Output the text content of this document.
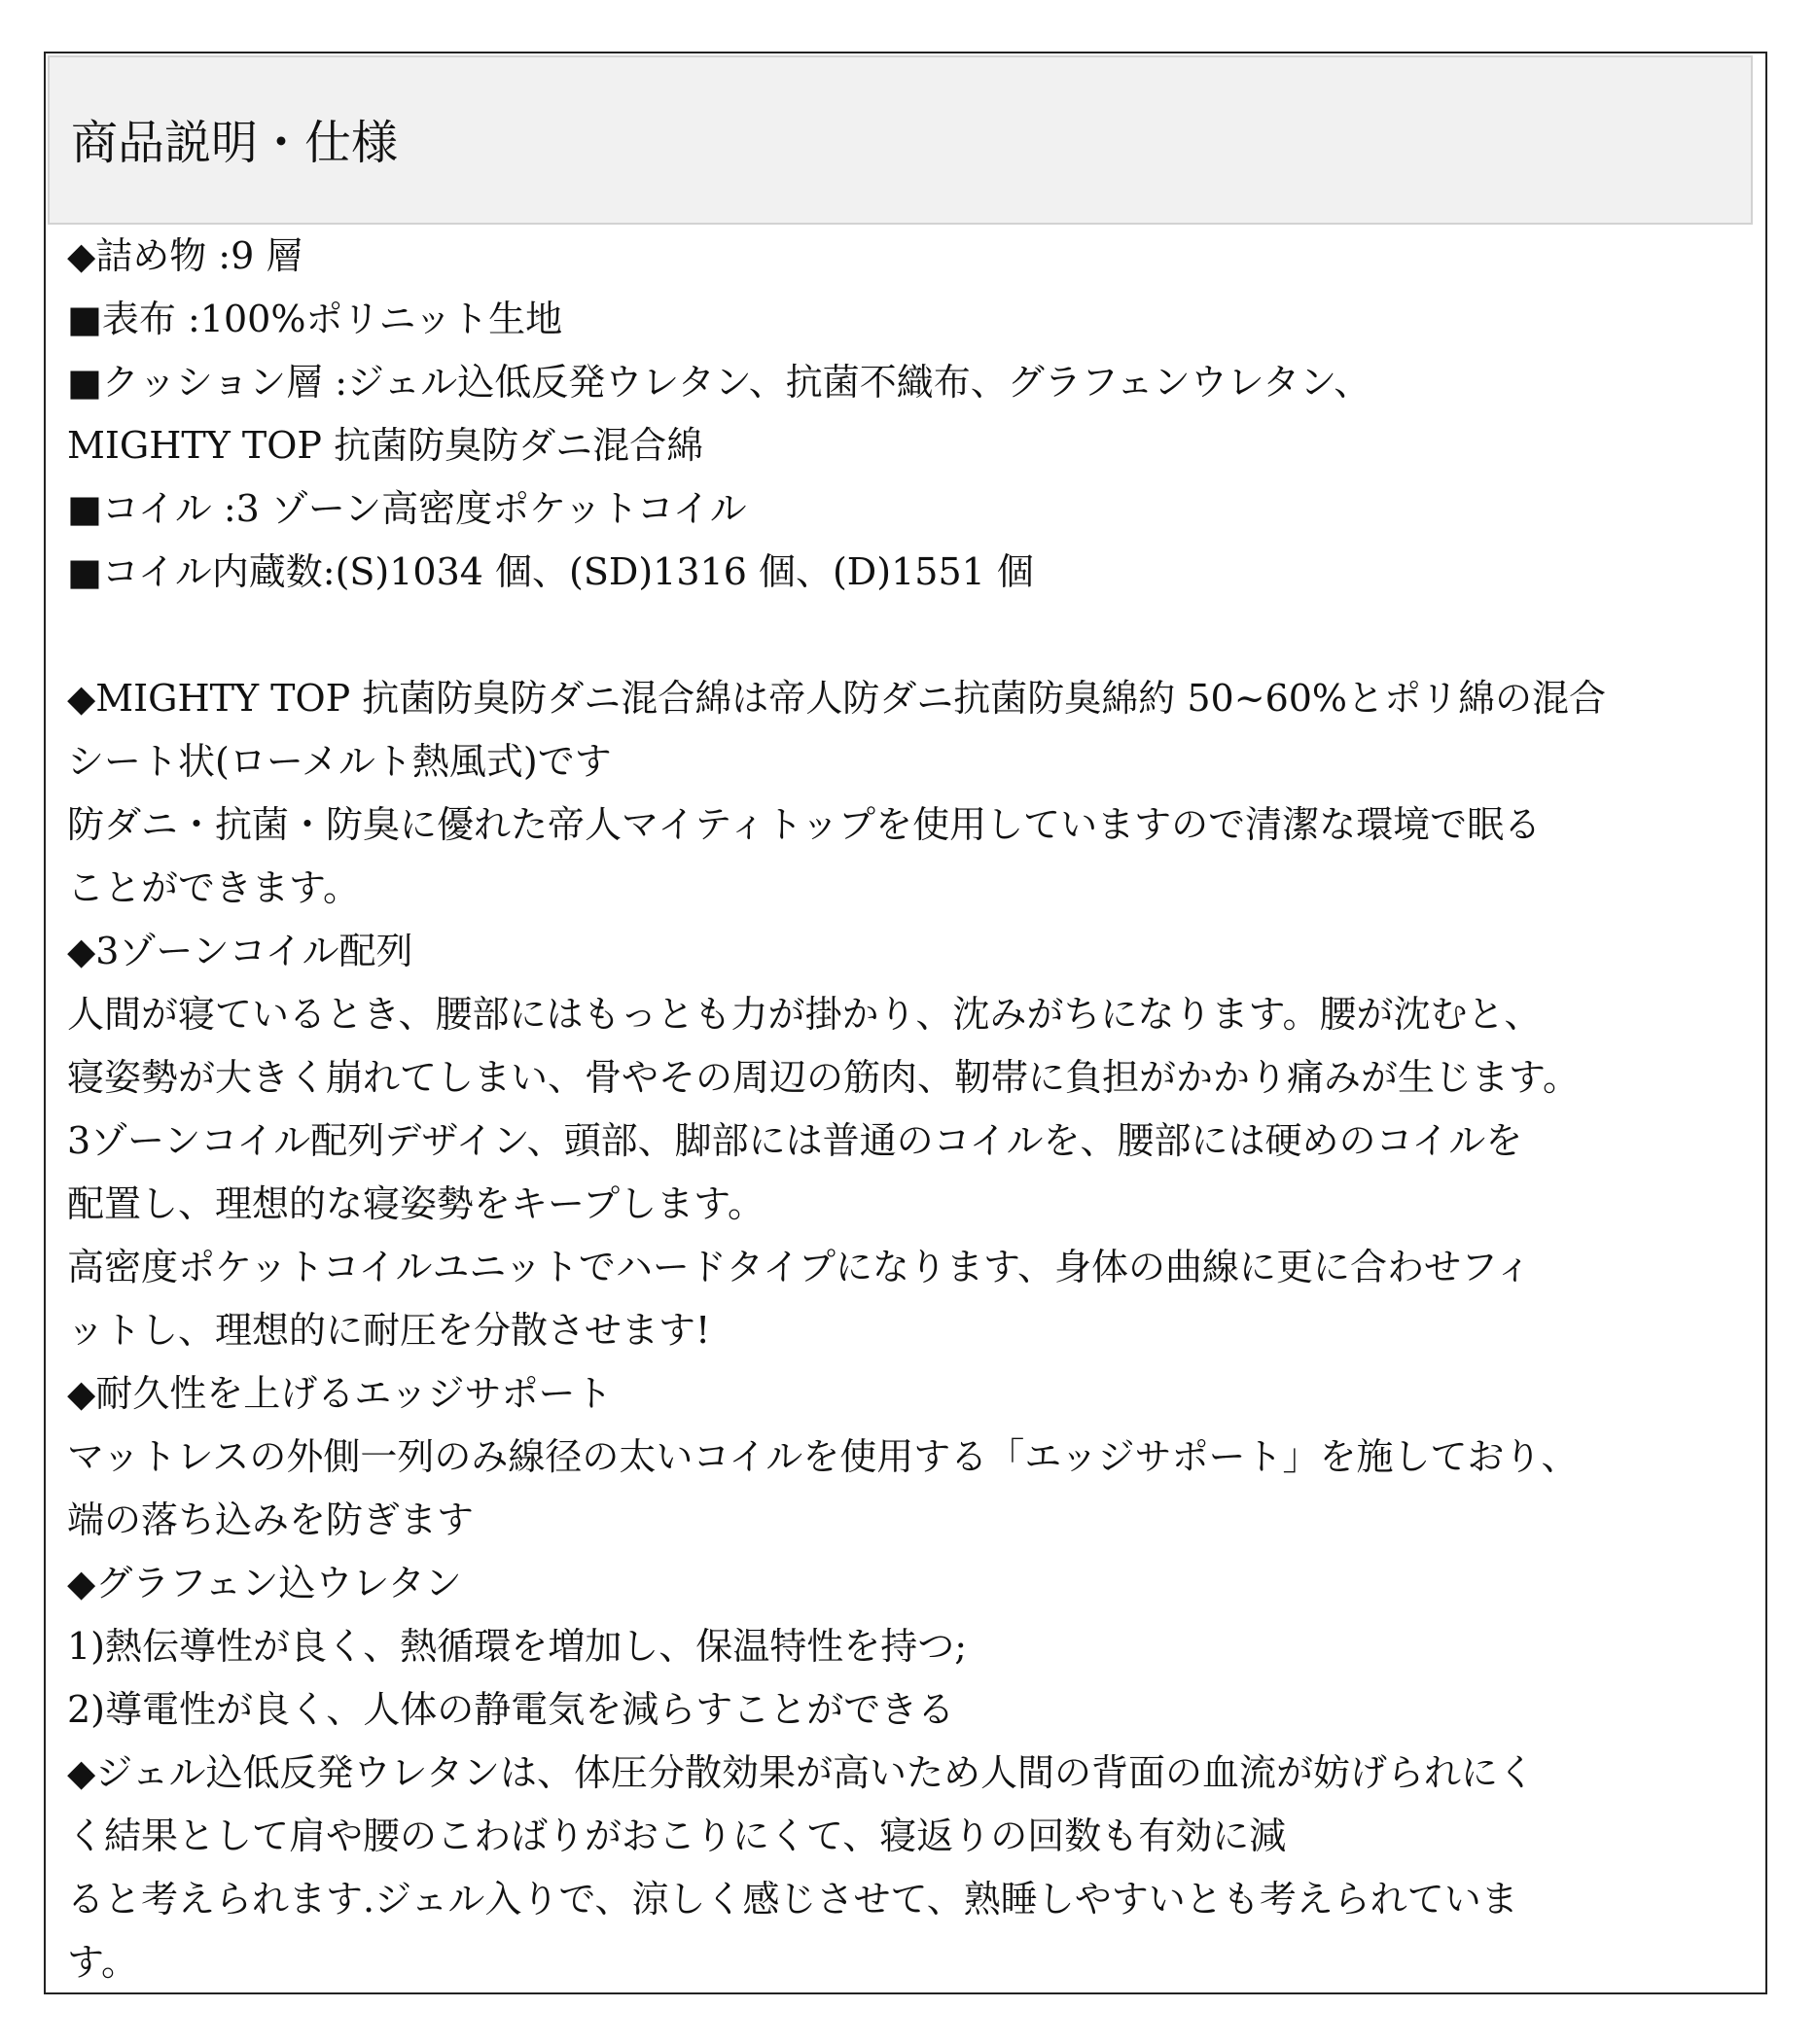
商品説明・仕様
◆詰め物 :9 層
■表布 :100%ポリニット生地
■クッション層 :ジェル込低反発ウレタン、抗菌不織布、グラフェンウレタン、
MIGHTY TOP 抗菌防臭防ダニ混合綿
■コイル :3 ゾーン高密度ポケットコイル
■コイル内蔵数:(S)1034 個、(SD)1316 個、(D)1551 個
◆MIGHTY TOP 抗菌防臭防ダニ混合綿は帝人防ダニ抗菌防臭綿約 50~60%とポリ綿の混合
シート状(ローメルト熱風式)です
防ダニ・抗菌・防臭に優れた帝人マイティトップを使用していますので清潔な環境で眠る
ことができます。
◆3ゾーンコイル配列
人間が寝ているとき、腰部にはもっとも力が掛かり、沈みがちになります。腰が沈むと、
寝姿勢が大きく崩れてしまい、骨やその周辺の筋肉、靭帯に負担がかかり痛みが生じます。
3ゾーンコイル配列デザイン、頭部、脚部には普通のコイルを、腰部には硬めのコイルを
配置し、理想的な寝姿勢をキープします。
高密度ポケットコイルユニットでハードタイプになります、身体の曲線に更に合わせフィ
ットし、理想的に耐圧を分散させます!
◆耐久性を上げるエッジサポート
マットレスの外側一列のみ線径の太いコイルを使用する「エッジサポート」を施しており、
端の落ち込みを防ぎます
◆グラフェン込ウレタン
1)熱伝導性が良く、熱循環を増加し、保温特性を持つ;
2)導電性が良く、人体の静電気を減らすことができる
◆ジェル込低反発ウレタンは、体圧分散効果が高いため人間の背面の血流が妨げられにく
く結果として肩や腰のこわばりがおこりにくて、寝返りの回数も有効に減
ると考えられます.ジェル入りで、涼しく感じさせて、熟睡しやすいとも考えられていま
す。
